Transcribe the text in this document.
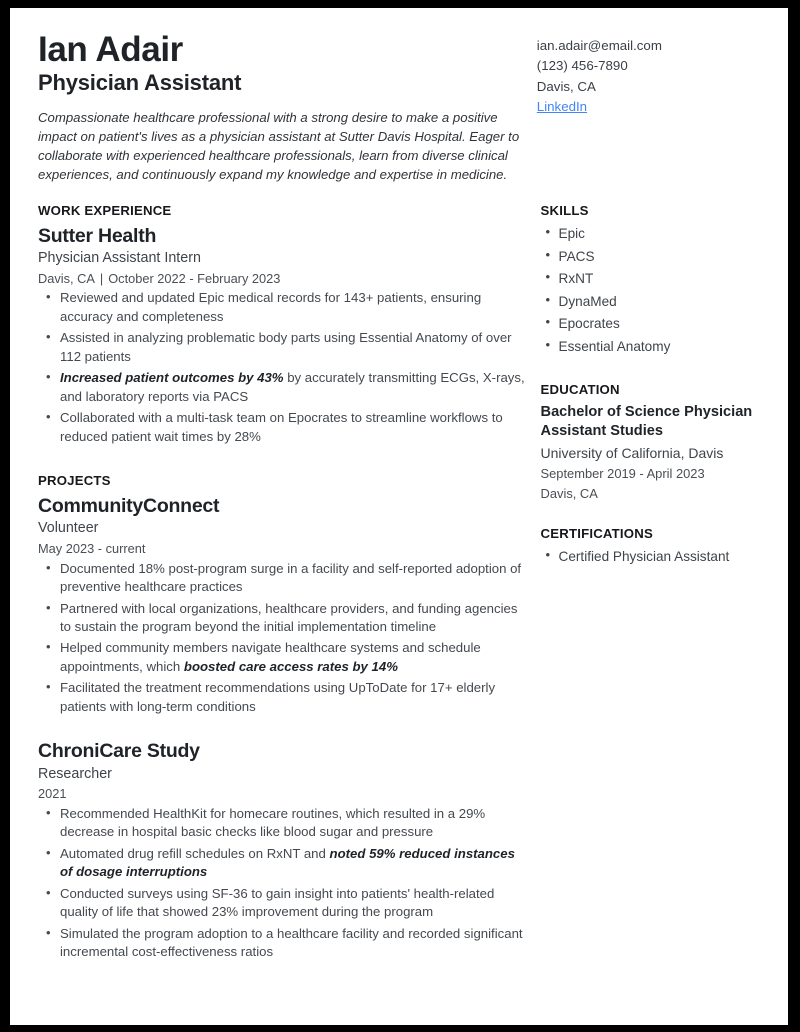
Ian Adair
Physician Assistant

Compassionate healthcare professional with a strong desire to make a positive impact on patient's lives as a physician assistant at Sutter Davis Hospital. Eager to collaborate with experienced healthcare professionals, learn from diverse clinical experiences, and continuously expand my knowledge and expertise in medicine.

ian.adair@email.com
(123) 456-7890
Davis, CA
LinkedIn
WORK EXPERIENCE
Sutter Health
Physician Assistant Intern
Davis, CA | October 2022 - February 2023
• Reviewed and updated Epic medical records for 143+ patients, ensuring accuracy and completeness
• Assisted in analyzing problematic body parts using Essential Anatomy of over 112 patients
• Increased patient outcomes by 43% by accurately transmitting ECGs, X-rays, and laboratory reports via PACS
• Collaborated with a multi-task team on Epocrates to streamline workflows to reduced patient wait times by 28%
PROJECTS
CommunityConnect
Volunteer
May 2023 - current
• Documented 18% post-program surge in a facility and self-reported adoption of preventive healthcare practices
• Partnered with local organizations, healthcare providers, and funding agencies to sustain the program beyond the initial implementation timeline
• Helped community members navigate healthcare systems and schedule appointments, which boosted care access rates by 14%
• Facilitated the treatment recommendations using UpToDate for 17+ elderly patients with long-term conditions
ChroniCare Study
Researcher
2021
• Recommended HealthKit for homecare routines, which resulted in a 29% decrease in hospital basic checks like blood sugar and pressure
• Automated drug refill schedules on RxNT and noted 59% reduced instances of dosage interruptions
• Conducted surveys using SF-36 to gain insight into patients' health-related quality of life that showed 23% improvement during the program
• Simulated the program adoption to a healthcare facility and recorded significant incremental cost-effectiveness ratios
SKILLS
• Epic
• PACS
• RxNT
• DynaMed
• Epocrates
• Essential Anatomy
EDUCATION
Bachelor of Science Physician Assistant Studies
University of California, Davis
September 2019 - April 2023
Davis, CA
CERTIFICATIONS
• Certified Physician Assistant
